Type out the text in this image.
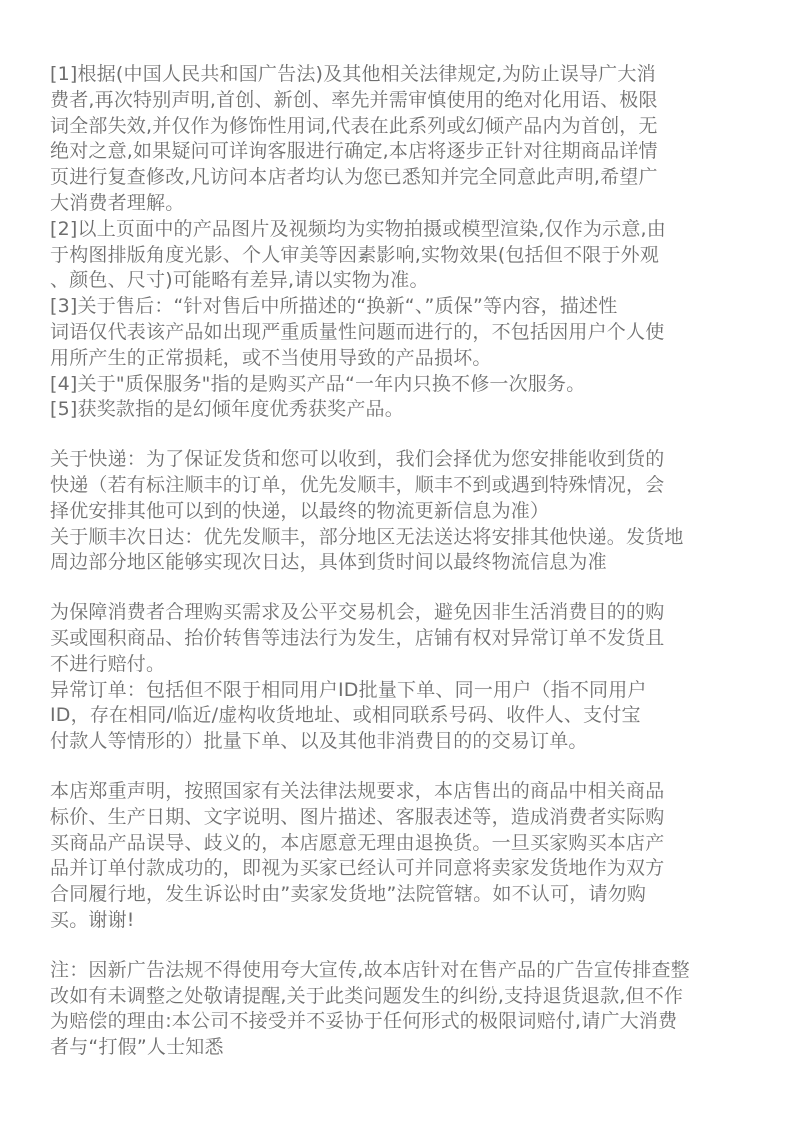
[1]根据(中国人民共和国广告法)及其他相关法律规定,为防止误导广大消
费者,再次特别声明,首创、新创、率先并需审慎使用的绝对化用语、极限
词全部失效,并仅作为修饰性用词,代表在此系列或幻倾产品内为首创，无
绝对之意,如果疑问可详询客服进行确定,本店将逐步正针对往期商品详情
页进行复查修改,凡访问本店者均认为您已悉知并完全同意此声明,希望广
大消费者理解。
[2]以上页面中的产品图片及视频均为实物拍摄或模型渲染,仅作为示意,由
于构图排版角度光影、个人审美等因素影响,实物效果(包括但不限于外观
、颜色、尺寸)可能略有差异,请以实物为准。
[3]关于售后：“针对售后中所描述的“换新“、”质保”等内容，描述性
词语仅代表该产品如出现严重质量性问题而进行的，不包括因用户个人使
用所产生的正常损耗，或不当使用导致的产品损坏。
[4]关于"质保服务"指的是购买产品“一年内只换不修一次服务。
[5]获奖款指的是幻倾年度优秀获奖产品。
关于快递：为了保证发货和您可以收到，我们会择优为您安排能收到货的
快递（若有标注顺丰的订单，优先发顺丰，顺丰不到或遇到特殊情况，会
择优安排其他可以到的快递，以最终的物流更新信息为准）
关于顺丰次日达：优先发顺丰，部分地区无法送达将安排其他快递。发货地
周边部分地区能够实现次日达，具体到货时间以最终物流信息为准
为保障消费者合理购买需求及公平交易机会，避免因非生活消费目的的购
买或囤积商品、抬价转售等违法行为发生，店铺有权对异常订单不发货且
不进行赔付。
异常订单：包括但不限于相同用户ID批量下单、同一用户（指不同用户
ID，存在相同/临近/虚构收货地址、或相同联系号码、收件人、支付宝
付款人等情形的）批量下单、以及其他非消费目的的交易订单。
本店郑重声明，按照国家有关法律法规要求，本店售出的商品中相关商品
标价、生产日期、文字说明、图片描述、客服表述等，造成消费者实际购
买商品产品误导、歧义的，本店愿意无理由退换货。一旦买家购买本店产
品并订单付款成功的，即视为买家已经认可并同意将卖家发货地作为双方
合同履行地，发生诉讼时由”卖家发货地”法院管辖。如不认可，请勿购
买。谢谢!
注：因新广告法规不得使用夸大宣传,故本店针对在售产品的广告宣传排查整
改如有未调整之处敬请提醒,关于此类问题发生的纠纷,支持退货退款,但不作
为赔偿的理由:本公司不接受并不妥协于任何形式的极限词赔付,请广大消费
者与“打假”人士知悉
